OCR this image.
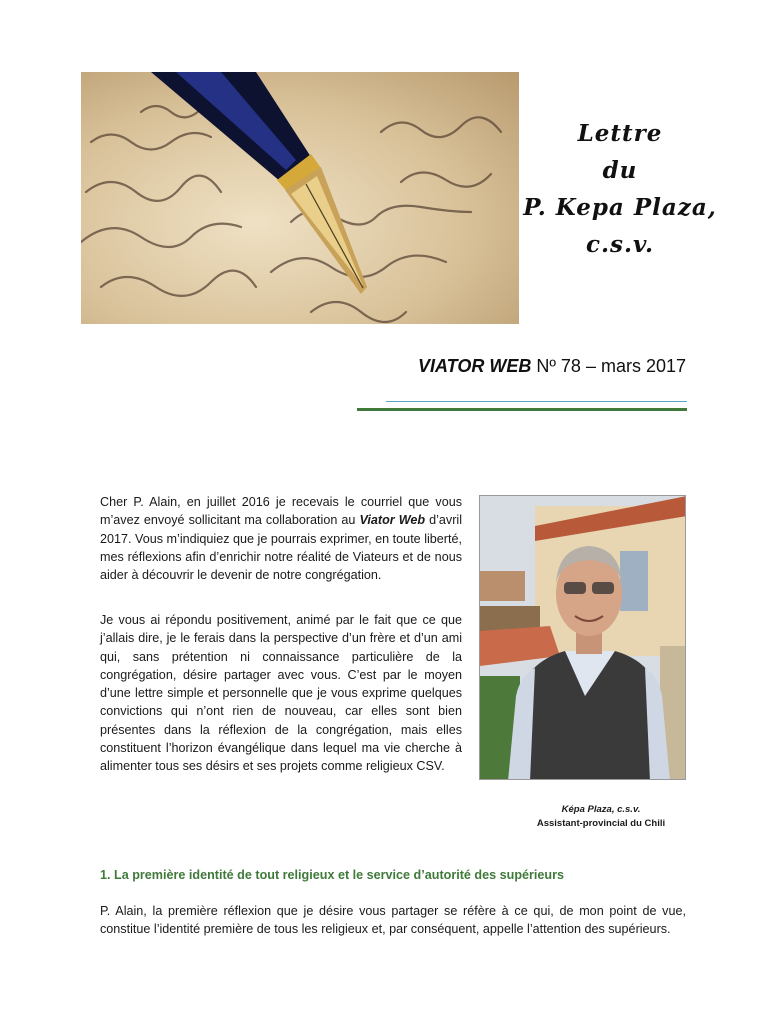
Lettre
du
P. Kepa Plaza,
c.s.v.
VIATOR WEB Nº 78 – mars 2017
Cher P. Alain, en juillet 2016 je recevais le courriel que vous m’avez envoyé sollicitant ma collaboration au Viator Web d’avril 2017. Vous m’indiquiez que je pourrais exprimer, en toute liberté, mes réflexions afin d’enrichir notre réalité de Viateurs et de nous aider à découvrir le devenir de notre congrégation.
Je vous ai répondu positivement, animé par le fait que ce que j’allais dire, je le ferais dans la perspective d’un frère et d’un ami qui, sans prétention ni connaissance particulière de la congrégation, désire partager avec vous. C’est par le moyen d’une lettre simple et personnelle que je vous exprime quelques convictions qui n’ont rien de nouveau, car elles sont bien présentes dans la réflexion de la congrégation, mais elles constituent l’horizon évangélique dans lequel ma vie cherche à alimenter tous ses désirs et ses projets comme religieux CSV.
Képa Plaza, c.s.v.
Assistant-provincial du Chili
1. La première identité de tout religieux et le service d’autorité des supérieurs
P. Alain, la première réflexion que je désire vous partager se réfère à ce qui, de mon point de vue, constitue l’identité première de tous les religieux et, par conséquent, appelle l’attention des supérieurs.
